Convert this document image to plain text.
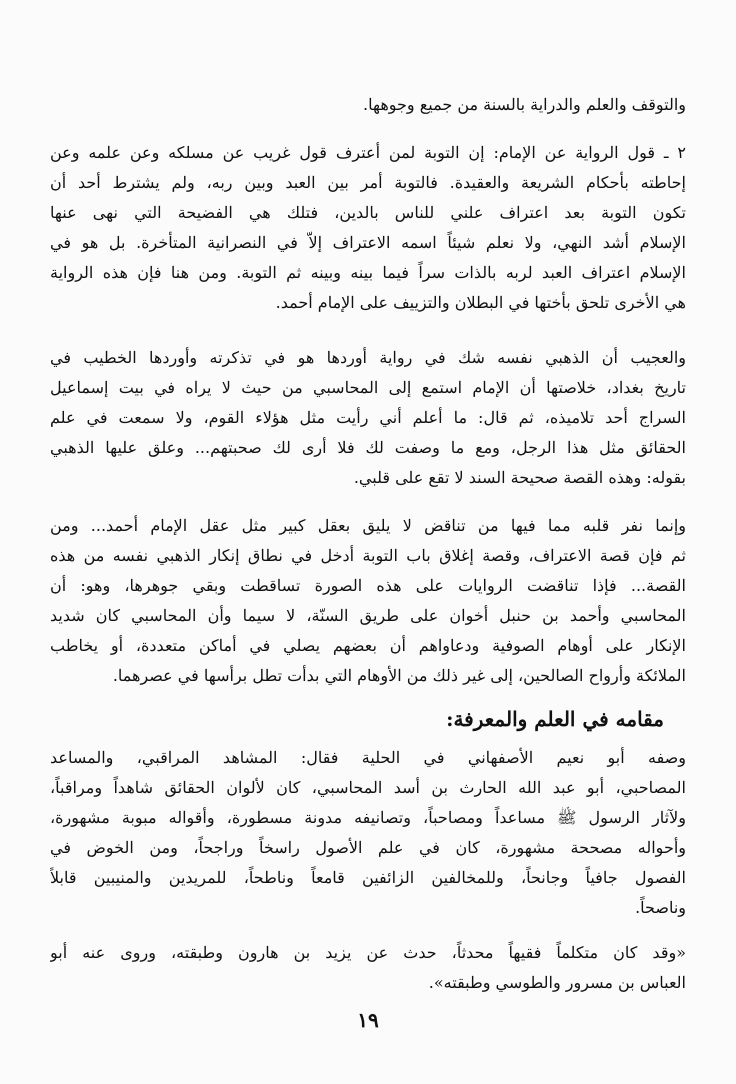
والتوقف والعلم والدراية بالسنة من جميع وجوهها.
٢ ـ قول الرواية عن الإمام: إن التوبة لمن أعترف قول غريب عن مسلكه وعن علمه وعن
إحاطته بأحكام الشريعة والعقيدة. فالتوبة أمر بين العبد وبين ربه، ولم يشترط أحد أن
تكون التوبة بعد اعتراف علني للناس بالدين، فتلك هي الفضيحة التي نهى عنها
الإسلام أشد النهي، ولا نعلم شيئاً اسمه الاعتراف إلاّ في النصرانية المتأخرة. بل هو في
الإسلام اعتراف العبد لربه بالذات سراً فيما بينه وبينه ثم التوبة. ومن هنا فإن هذه الرواية
هي الأخرى تلحق بأختها في البطلان والتزييف على الإمام أحمد.
والعجيب أن الذهبي نفسه شك في رواية أوردها هو في تذكرته وأوردها الخطيب في
تاريخ بغداد، خلاصتها أن الإمام استمع إلى المحاسبي من حيث لا يراه في بيت إسماعيل
السراج أحد تلاميذه، ثم قال: ما أعلم أني رأيت مثل هؤلاء القوم، ولا سمعت في علم
الحقائق مثل هذا الرجل، ومع ما وصفت لك فلا أرى لك صحبتهم... وعلق عليها الذهبي
بقوله: وهذه القصة صحيحة السند لا تقع على قلبي.
وإنما نفر قلبه مما فيها من تناقض لا يليق بعقل كبير مثل عقل الإمام أحمد... ومن
ثم فإن قصة الاعتراف، وقصة إغلاق باب التوبة أدخل في نطاق إنكار الذهبي نفسه من هذه
القصة... فإذا تناقضت الروايات على هذه الصورة تساقطت وبقي جوهرها، وهو: أن
المحاسبي وأحمد بن حنبل أخوان على طريق السنّة، لا سيما وأن المحاسبي كان شديد
الإنكار على أوهام الصوفية ودعاواهم أن بعضهم يصلي في أماكن متعددة، أو يخاطب
الملائكة وأرواح الصالحين، إلى غير ذلك من الأوهام التي بدأت تطل برأسها في عصرهما.
مقامه في العلم والمعرفة:
وصفه أبو نعيم الأصفهاني في الحلية فقال: المشاهد المراقبي، والمساعد
المصاحبي، أبو عبد الله الحارث بن أسد المحاسبي، كان لألوان الحقائق شاهداً ومراقباً،
ولآثار الرسول ﷺ مساعداً ومصاحباً، وتصانيفه مدونة مسطورة، وأقواله مبوبة مشهورة،
وأحواله مصححة مشهورة، كان في علم الأصول راسخاً وراجحاً، ومن الخوض في
الفصول جافياً وجانحاً، وللمخالفين الزائفين قامعاً وناطحاً، للمريدين والمنيبين قابلاً
وناصحاً.
«وقد كان متكلماً فقيهاً محدثاً، حدث عن يزيد بن هارون وطبقته، وروى عنه أبو
العباس بن مسرور والطوسي وطبقته».
١٩
